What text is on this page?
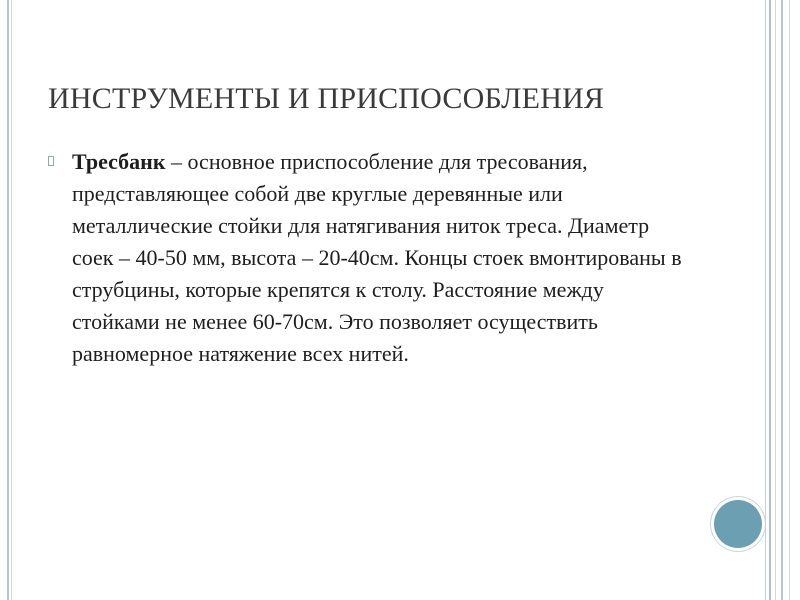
ИНСТРУМЕНТЫ И ПРИСПОСОБЛЕНИЯ
Тресбанк – основное приспособление для тресования, представляющее собой две круглые деревянные или металлические стойки для натягивания ниток треса. Диаметр соек – 40-50 мм, высота – 20-40см. Концы стоек вмонтированы в струбцины, которые крепятся к столу. Расстояние между стойками не менее 60-70см. Это позволяет осуществить равномерное натяжение всех нитей.
